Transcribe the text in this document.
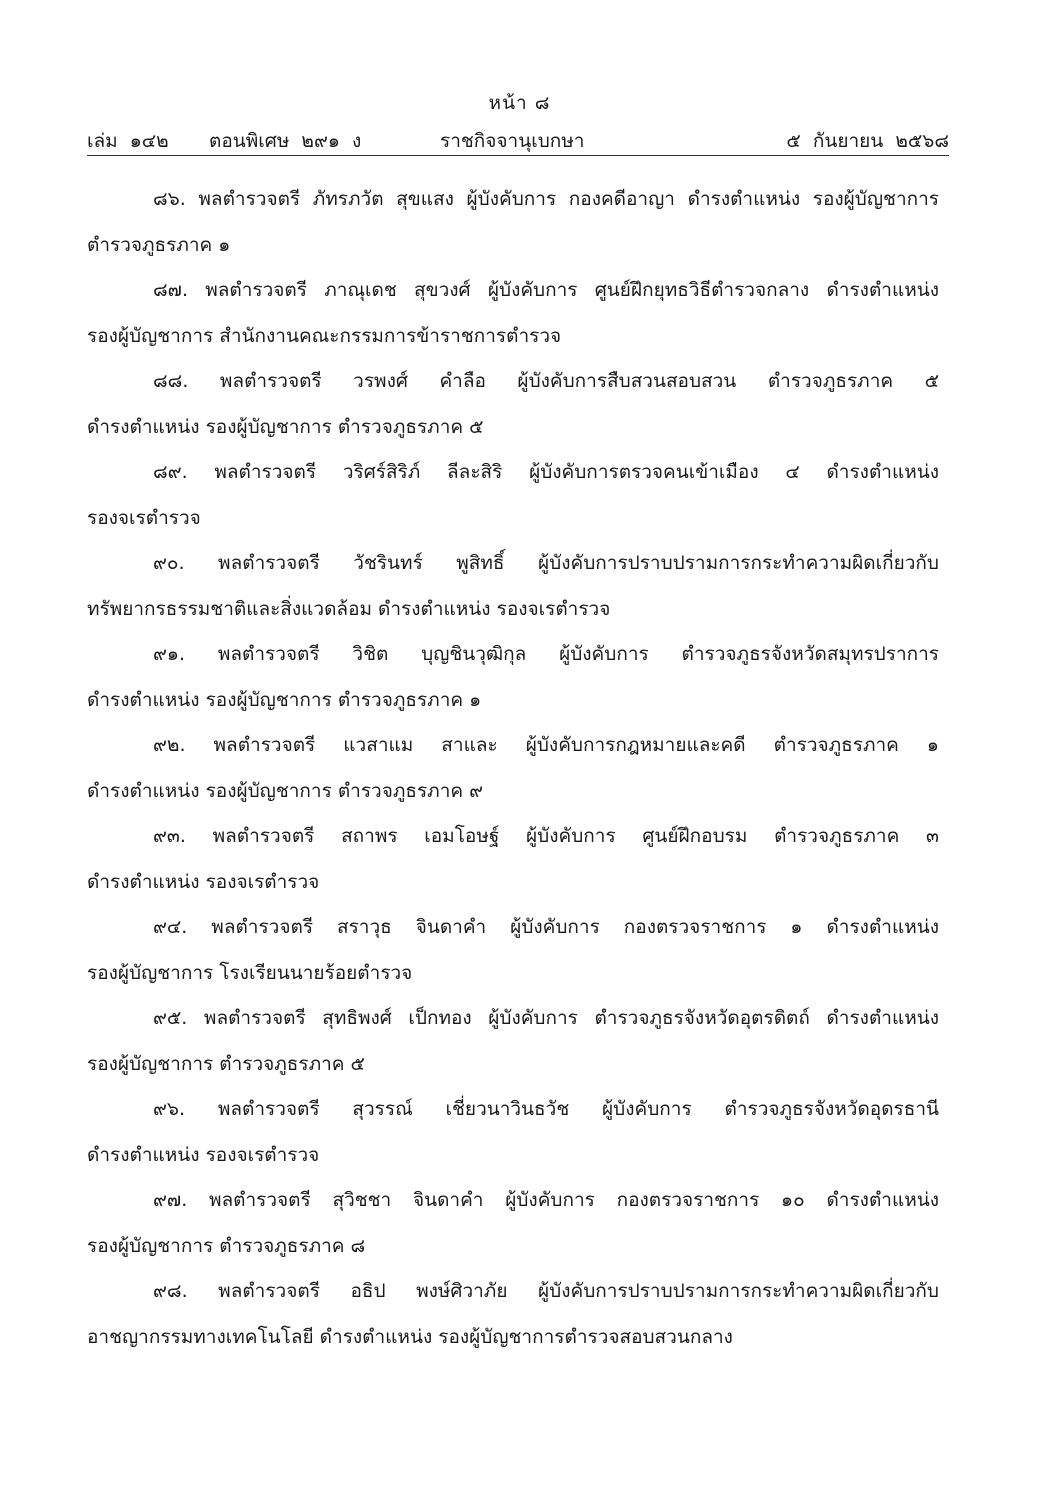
หน้า ๘
เล่ม  ๑๔๒ ตอนพิเศษ  ๒๙๑  ง	ราชกิจจานุเบกษา	๕  กันยายน  ๒๕๖๘
๘๖. พลตำรวจตรี ภัทรภวัต สุขแสง ผู้บังคับการ กองคดีอาญา ดำรงตำแหน่ง รองผู้บัญชาการ
ตำรวจภูธรภาค ๑
๘๗. พลตำรวจตรี ภาณุเดช สุขวงศ์ ผู้บังคับการ ศูนย์ฝึกยุทธวิธีตำรวจกลาง ดำรงตำแหน่ง
รองผู้บัญชาการ สำนักงานคณะกรรมการข้าราชการตำรวจ
๘๘. พลตำรวจตรี วรพงศ์ คำลือ ผู้บังคับการสืบสวนสอบสวน ตำรวจภูธรภาค ๕
ดำรงตำแหน่ง รองผู้บัญชาการ ตำรวจภูธรภาค ๕
๘๙. พลตำรวจตรี วริศร์สิริภ์ ลีละสิริ ผู้บังคับการตรวจคนเข้าเมือง ๔ ดำรงตำแหน่ง
รองจเรตำรวจ
๙๐. พลตำรวจตรี วัชรินทร์ พูสิทธิ์ ผู้บังคับการปราบปรามการกระทำความผิดเกี่ยวกับ
ทรัพยากรธรรมชาติและสิ่งแวดล้อม ดำรงตำแหน่ง รองจเรตำรวจ
๙๑. พลตำรวจตรี วิชิต บุญชินวุฒิกุล ผู้บังคับการ ตำรวจภูธรจังหวัดสมุทรปราการ
ดำรงตำแหน่ง รองผู้บัญชาการ ตำรวจภูธรภาค ๑
๙๒. พลตำรวจตรี แวสาแม สาและ ผู้บังคับการกฎหมายและคดี ตำรวจภูธรภาค ๑
ดำรงตำแหน่ง รองผู้บัญชาการ ตำรวจภูธรภาค ๙
๙๓. พลตำรวจตรี สถาพร เอมโอษฐ์ ผู้บังคับการ ศูนย์ฝึกอบรม ตำรวจภูธรภาค ๓
ดำรงตำแหน่ง รองจเรตำรวจ
๙๔. พลตำรวจตรี สราวุธ จินดาคำ ผู้บังคับการ กองตรวจราชการ ๑ ดำรงตำแหน่ง
รองผู้บัญชาการ โรงเรียนนายร้อยตำรวจ
๙๕. พลตำรวจตรี สุทธิพงศ์ เป็กทอง ผู้บังคับการ ตำรวจภูธรจังหวัดอุตรดิตถ์ ดำรงตำแหน่ง
รองผู้บัญชาการ ตำรวจภูธรภาค ๕
๙๖. พลตำรวจตรี สุวรรณ์ เชี่ยวนาวินธวัช ผู้บังคับการ ตำรวจภูธรจังหวัดอุดรธานี
ดำรงตำแหน่ง รองจเรตำรวจ
๙๗. พลตำรวจตรี สุวิชชา จินดาคำ ผู้บังคับการ กองตรวจราชการ ๑๐ ดำรงตำแหน่ง
รองผู้บัญชาการ ตำรวจภูธรภาค ๘
๙๘. พลตำรวจตรี อธิป พงษ์ศิวาภัย ผู้บังคับการปราบปรามการกระทำความผิดเกี่ยวกับ
อาชญากรรมทางเทคโนโลยี ดำรงตำแหน่ง รองผู้บัญชาการตำรวจสอบสวนกลาง
